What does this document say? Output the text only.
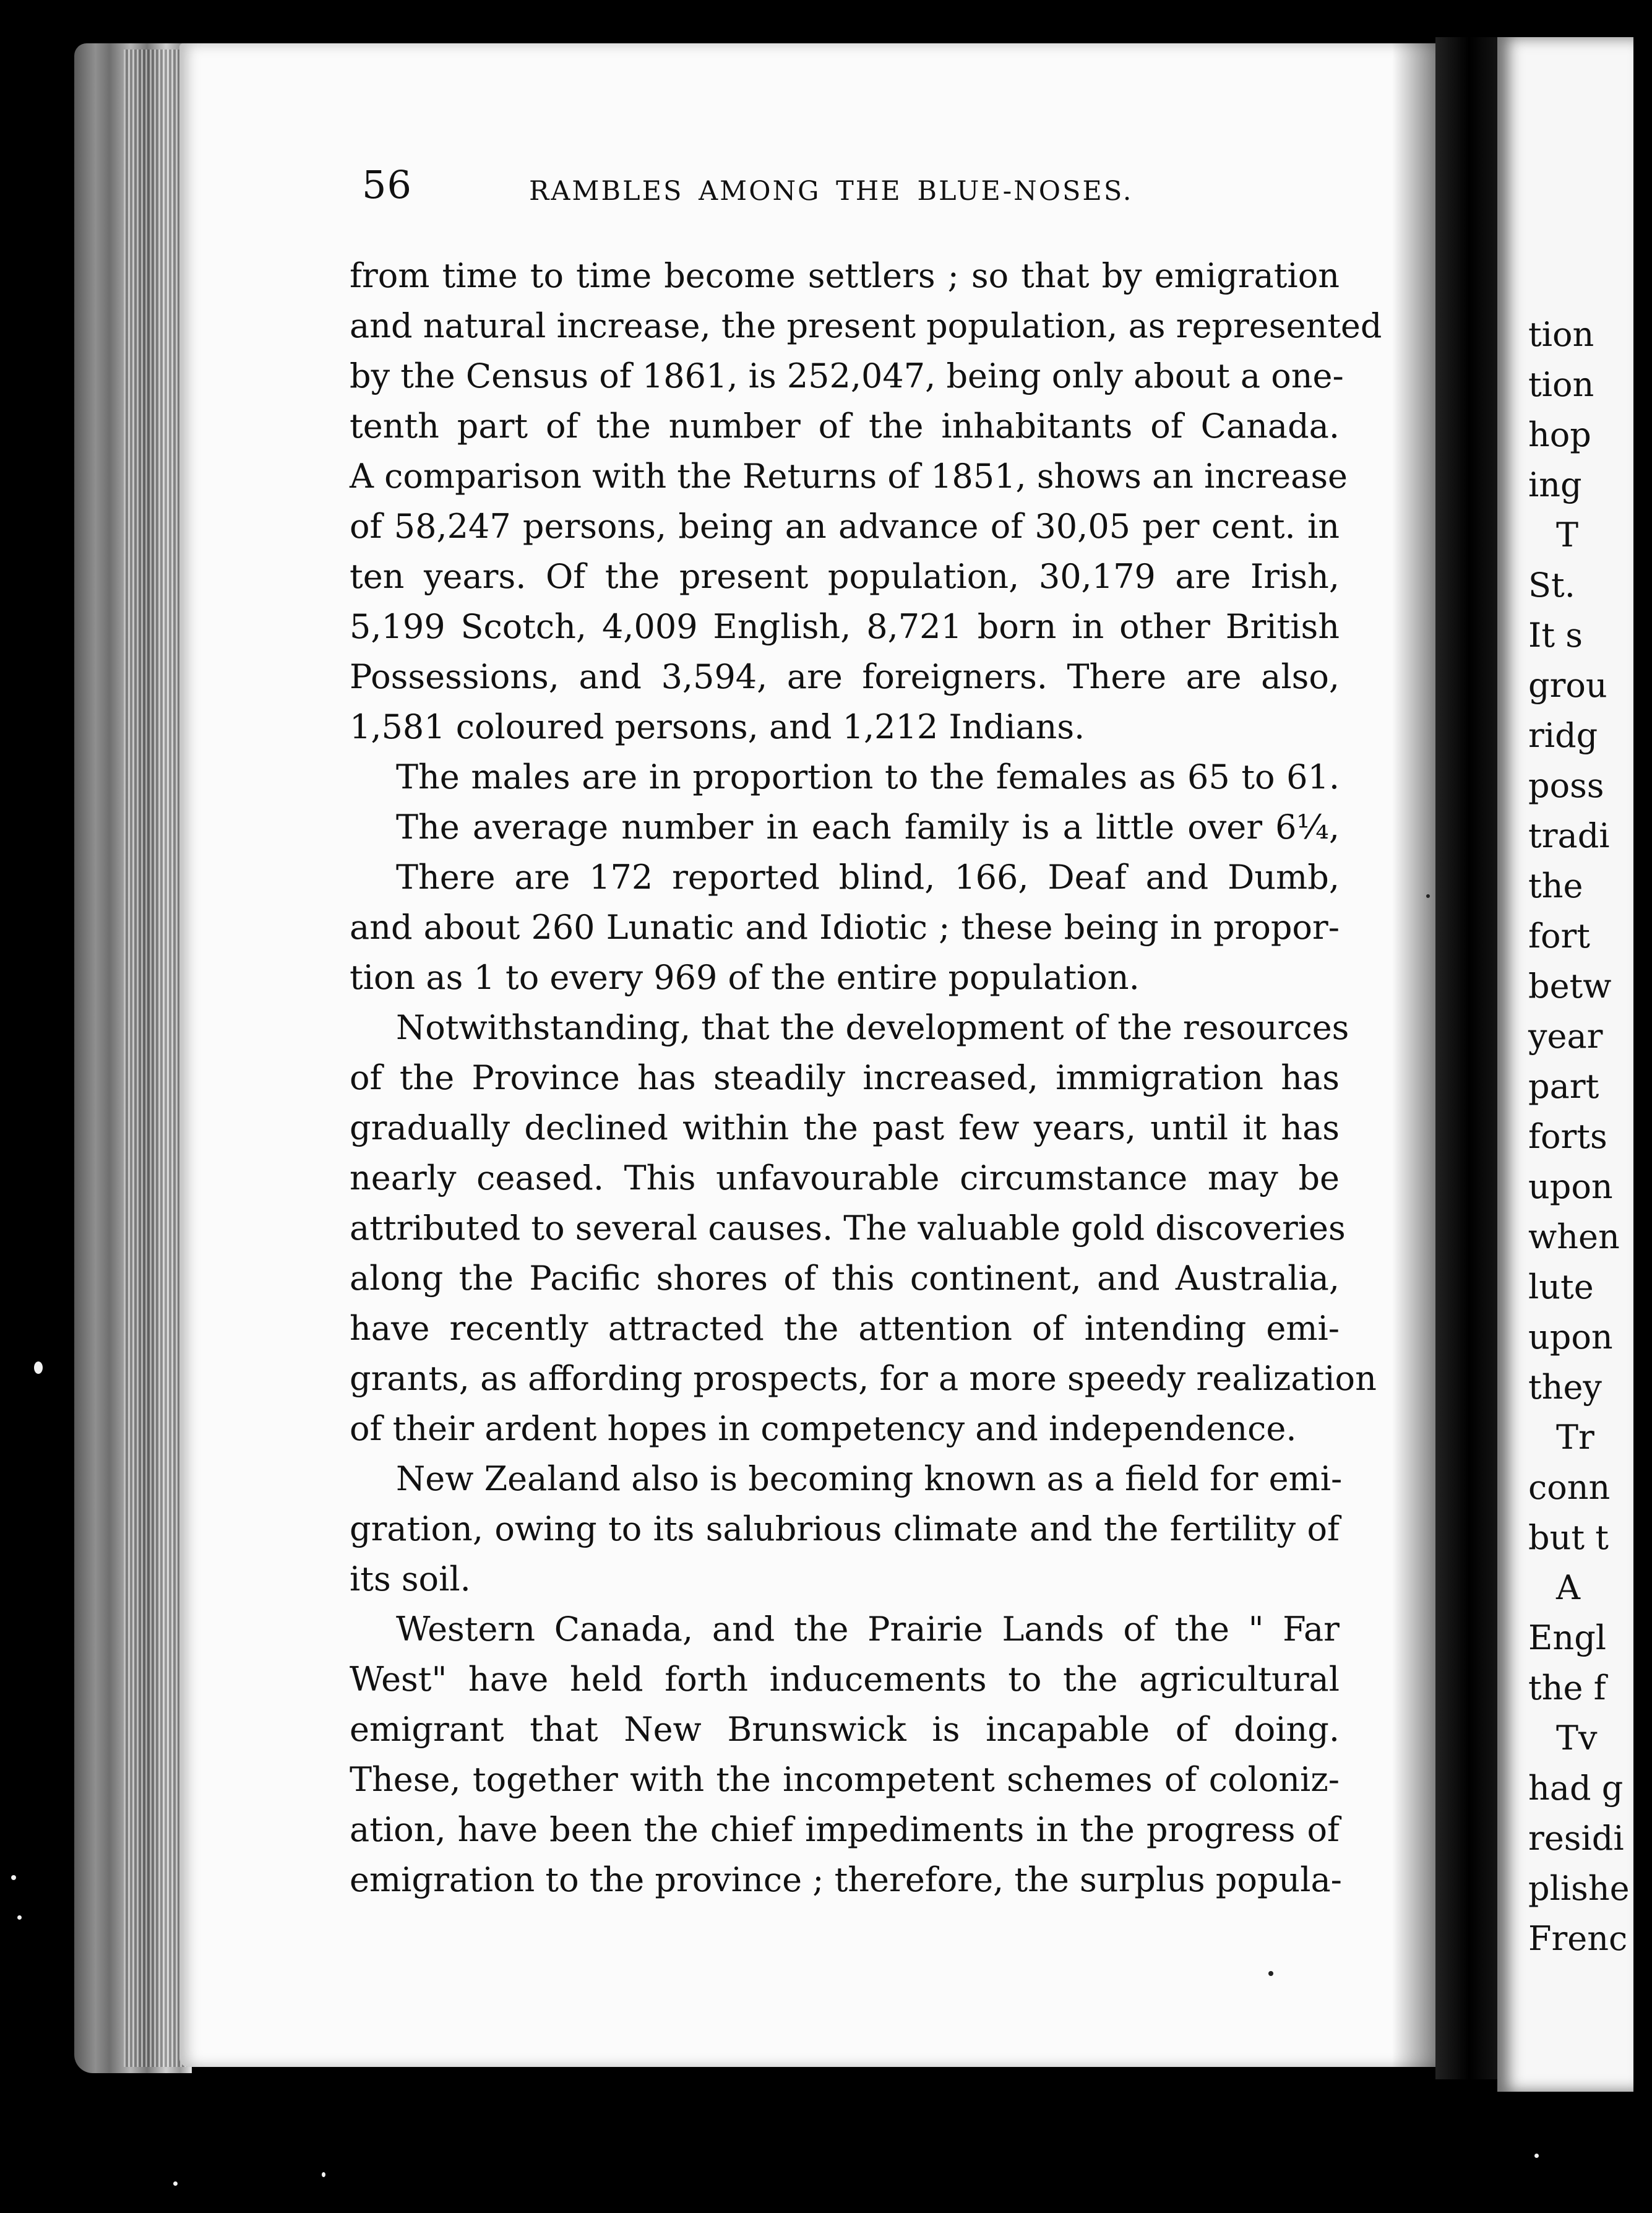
tion
tion
hop
ing
T
St.
It s
grou
ridg
poss
tradi
the
fort
betw
year
part
forts
upon
when
lute
upon
they
Tr
conn
but t
A
Engl
the f
Tv
had g
residi
plishe
Frenc
56	RAMBLES AMONG THE BLUE-NOSES.
from time to time become settlers ; so that by emigration
and natural increase, the present population, as represented
by the Census of 1861, is 252,047, being only about a one-
tenth part of the number of the inhabitants of Canada.
A comparison with the Returns of 1851, shows an increase
of 58,247 persons, being an advance of 30,05 per cent. in
ten years. Of the present population, 30,179 are Irish,
5,199 Scotch, 4,009 English, 8,721 born in other British
Possessions, and 3,594, are foreigners. There are also,
1,581 coloured persons, and 1,212 Indians.
The males are in proportion to the females as 65 to 61.
The average number in each family is a little over 6¼,
There are 172 reported blind, 166, Deaf and Dumb,
and about 260 Lunatic and Idiotic ; these being in propor-
tion as 1 to every 969 of the entire population.
Notwithstanding, that the development of the resources
of the Province has steadily increased, immigration has
gradually declined within the past few years, until it has
nearly ceased. This unfavourable circumstance may be
attributed to several causes. The valuable gold discoveries
along the Pacific shores of this continent, and Australia,
have recently attracted the attention of intending emi-
grants, as affording prospects, for a more speedy realization
of their ardent hopes in competency and independence.
New Zealand also is becoming known as a field for emi-
gration, owing to its salubrious climate and the fertility of
its soil.
Western Canada, and the Prairie Lands of the " Far
West" have held forth inducements to the agricultural
emigrant that New Brunswick is incapable of doing.
These, together with the incompetent schemes of coloniz-
ation, have been the chief impediments in the progress of
emigration to the province ; therefore, the surplus popula-
